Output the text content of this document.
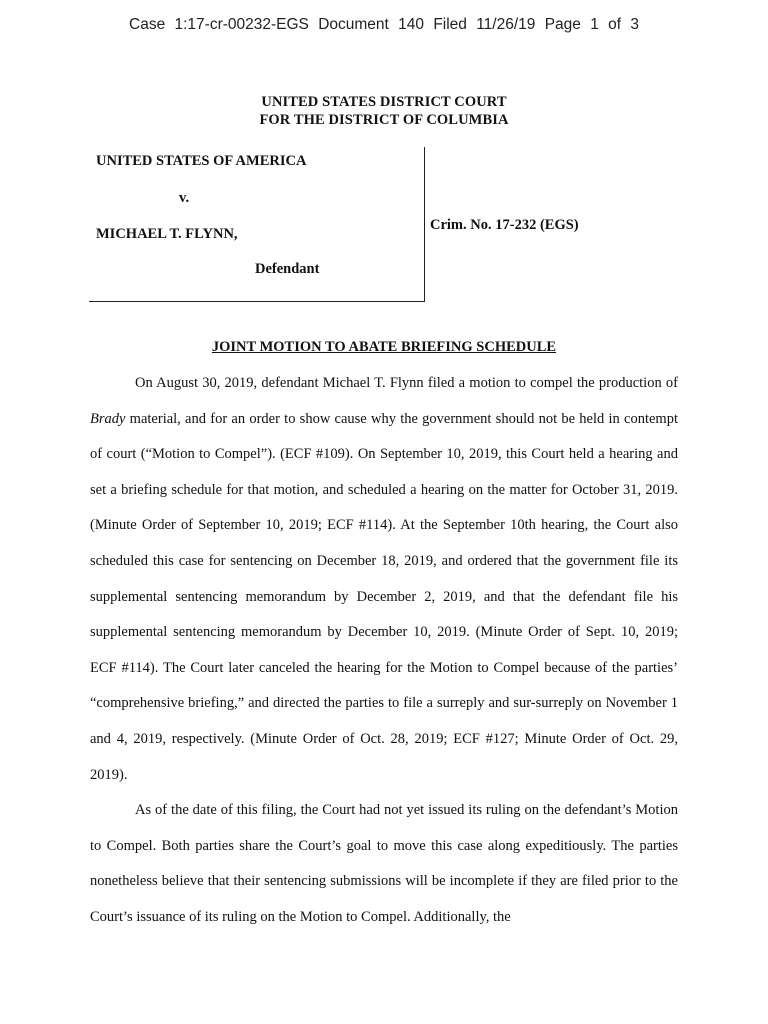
Case 1:17-cr-00232-EGS Document 140 Filed 11/26/19 Page 1 of 3
UNITED STATES DISTRICT COURT
FOR THE DISTRICT OF COLUMBIA
UNITED STATES OF AMERICA
v.
MICHAEL T. FLYNN,
Defendant
Crim. No. 17-232 (EGS)
JOINT MOTION TO ABATE BRIEFING SCHEDULE

On August 30, 2019, defendant Michael T. Flynn filed a motion to compel the production of Brady material, and for an order to show cause why the government should not be held in contempt of court (“Motion to Compel”). (ECF #109). On September 10, 2019, this Court held a hearing and set a briefing schedule for that motion, and scheduled a hearing on the matter for October 31, 2019. (Minute Order of September 10, 2019; ECF #114). At the September 10th hearing, the Court also scheduled this case for sentencing on December 18, 2019, and ordered that the government file its supplemental sentencing memorandum by December 2, 2019, and that the defendant file his supplemental sentencing memorandum by December 10, 2019. (Minute Order of Sept. 10, 2019; ECF #114). The Court later canceled the hearing for the Motion to Compel because of the parties’ “comprehensive briefing,” and directed the parties to file a surreply and sur-surreply on November 1 and 4, 2019, respectively. (Minute Order of Oct. 28, 2019; ECF #127; Minute Order of Oct. 29, 2019).

As of the date of this filing, the Court had not yet issued its ruling on the defendant’s Motion to Compel. Both parties share the Court’s goal to move this case along expeditiously. The parties nonetheless believe that their sentencing submissions will be incomplete if they are filed prior to the Court’s issuance of its ruling on the Motion to Compel. Additionally, the
